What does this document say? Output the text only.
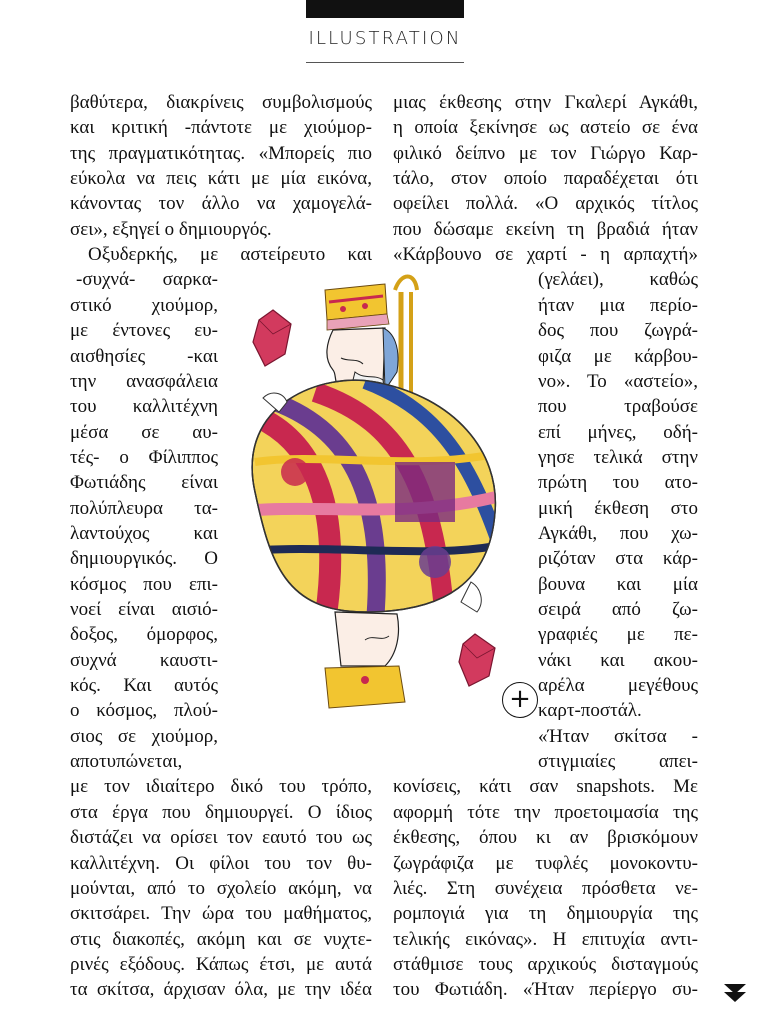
ILLUSTRATION
βαθύτερα, διακρίνεις συμβολισμούς
και κριτική -πάντοτε με χιούμορ-
της πραγματικότητας. «Μπορείς πιο
εύκολα να πεις κάτι με μία εικόνα,
κάνοντας τον άλλο να χαμογελά-
σει», εξηγεί ο δημιουργός.
Οξυδερκής, με αστείρευτο και
-συχνά- σαρκα-
στικό χιούμορ,
με έντονες ευ-
αισθησίες -και
την ανασφάλεια
του καλλιτέχνη
μέσα σε αυ-
τές- ο Φίλιππος
Φωτιάδης είναι
πολύπλευρα τα-
λαντούχος και
δημιουργικός. Ο
κόσμος που επι-
νοεί είναι αισιό-
δοξος, όμορφος,
συχνά καυστι-
κός. Και αυτός
ο κόσμος, πλού-
σιος σε χιούμορ,
αποτυπώνεται,
με τον ιδιαίτερο δικό του τρόπο,
στα έργα που δημιουργεί. Ο ίδιος
διστάζει να ορίσει τον εαυτό του ως
καλλιτέχνη. Οι φίλοι του τον θυ-
μούνται, από το σχολείο ακόμη, να
σκιτσάρει. Την ώρα του μαθήματος,
στις διακοπές, ακόμη και σε νυχτε-
ρινές εξόδους. Κάπως έτσι, με αυτά
τα σκίτσα, άρχισαν όλα, με την ιδέα
μιας έκθεσης στην Γκαλερί Αγκάθι,
η οποία ξεκίνησε ως αστείο σε ένα
φιλικό δείπνο με τον Γιώργο Καρ-
τάλο, στον οποίο παραδέχεται ότι
οφείλει πολλά. «Ο αρχικός τίτλος
που δώσαμε εκείνη τη βραδιά ήταν
«Κάρβουνο σε χαρτί - η αρπαχτή»
(γελάει), καθώς
ήταν μια περίο-
δος που ζωγρά-
φιζα με κάρβου-
νο». Το «αστείο»,
που τραβούσε
επί μήνες, οδή-
γησε τελικά στην
πρώτη του ατο-
μική έκθεση στο
Αγκάθι, που χω-
ριζόταν στα κάρ-
βουνα και μία
σειρά από ζω-
γραφιές με πε-
νάκι και ακου-
αρέλα μεγέθους
καρτ-ποστάλ.
«Ήταν σκίτσα -
στιγμιαίες απει-
κονίσεις, κάτι σαν snapshots. Με
αφορμή τότε την προετοιμασία της
έκθεσης, όπου κι αν βρισκόμουν
ζωγράφιζα με τυφλές μονοκοντυ-
λιές. Στη συνέχεια πρόσθετα νε-
ρομπογιά για τη δημιουργία της
τελικής εικόνας». Η επιτυχία αντι-
στάθμισε τους αρχικούς δισταγμούς
του Φωτιάδη. «Ήταν περίεργο συ-
+
